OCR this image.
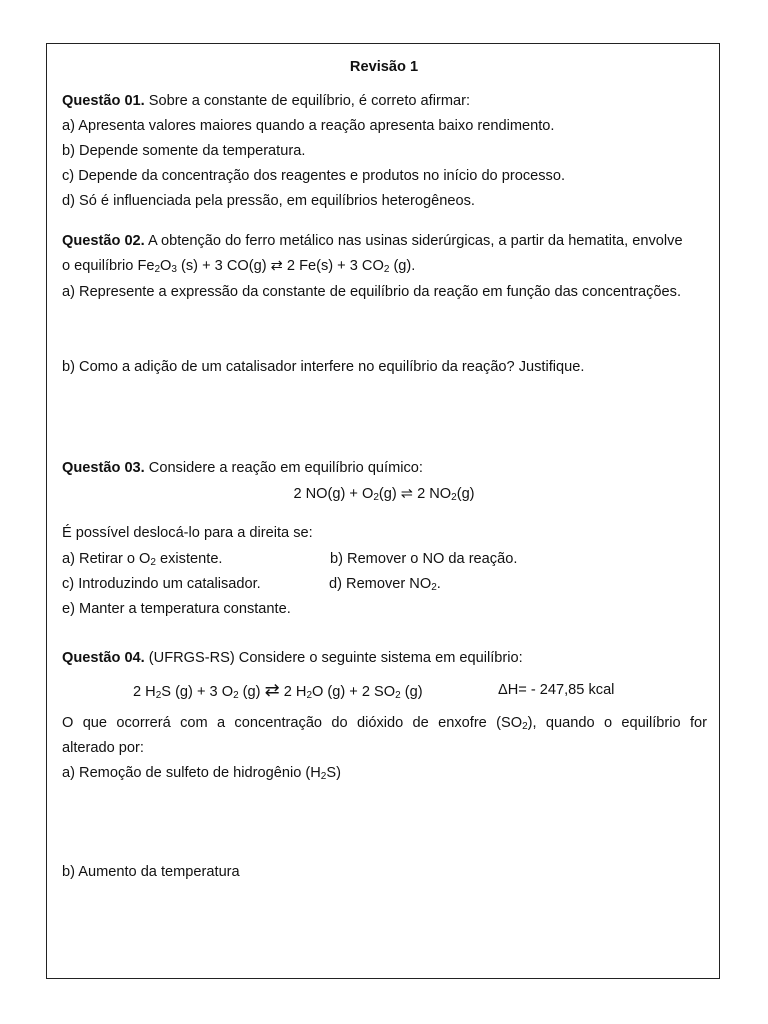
Revisão 1
Questão 01. Sobre a constante de equilíbrio, é correto afirmar:
a) Apresenta valores maiores quando a reação apresenta baixo rendimento.
b) Depende somente da temperatura.
c) Depende da concentração dos reagentes e produtos no início do processo.
d) Só é influenciada pela pressão, em equilíbrios heterogêneos.
Questão 02. A obtenção do ferro metálico nas usinas siderúrgicas, a partir da hematita, envolve
o equilíbrio $Fe_2O_3$ (s) + 3 CO(g) ⇄ 2 Fe(s) + 3 $CO_2$ (g).
a) Represente a expressão da constante de equilíbrio da reação em função das concentrações.
b) Como a adição de um catalisador interfere no equilíbrio da reação? Justifique.
Questão 03. Considere a reação em equilíbrio químico:
2 $NO(g) + O_2(g)$ ⇌ 2 $NO_2(g)$
É possível deslocá-lo para a direita se:
a) Retirar o $O_2$ existente.	b) Remover o NO da reação.
c) Introduzindo um catalisador.	d) Remover $NO_2$.
e) Manter a temperatura constante.
Questão 04. (UFRGS-RS) Considere o seguinte sistema em equilíbrio:
2 $H_2S$ (g) + 3 $O_2$ (g) ⇄ 2 $H_2O$ (g) + 2 $SO_2$ (g)	ΔH= - 247,85 kcal
O que ocorrerá com a concentração do dióxido de enxofre $(SO_2)$, quando o equilíbrio for
alterado por:
a) Remoção de sulfeto de hidrogênio $(H_2S)$
b) Aumento da temperatura
